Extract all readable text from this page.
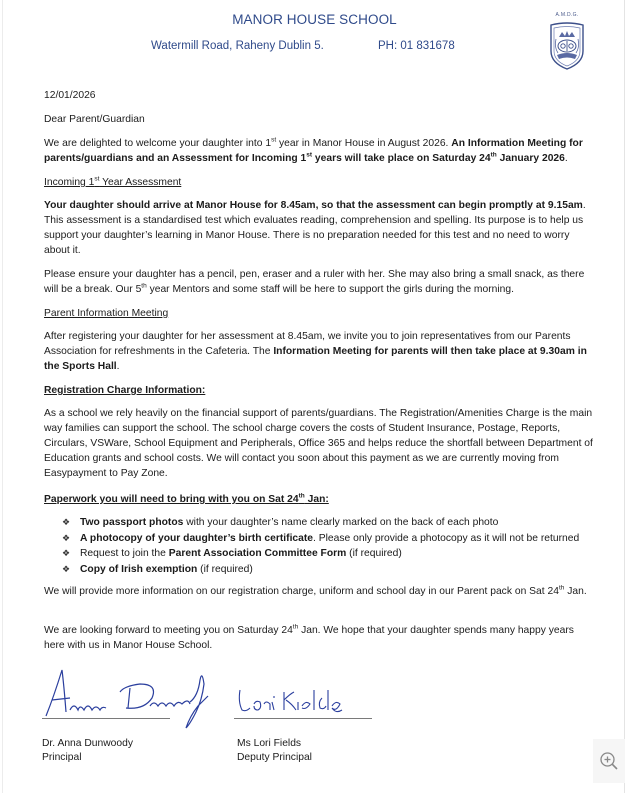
MANOR HOUSE SCHOOL
Watermill Road, Raheny Dublin 5.	PH: 01 831678
A.M.D.G.
12/01/2026
Dear Parent/Guardian
We are delighted to welcome your daughter into 1st year in Manor House in August 2026. An Information Meeting for parents/guardians and an Assessment for Incoming 1st years will take place on Saturday 24th January 2026.
Incoming 1st Year Assessment
Your daughter should arrive at Manor House for 8.45am, so that the assessment can begin promptly at 9.15am. This assessment is a standardised test which evaluates reading, comprehension and spelling. Its purpose is to help us support your daughter’s learning in Manor House. There is no preparation needed for this test and no need to worry about it.
Please ensure your daughter has a pencil, pen, eraser and a ruler with her. She may also bring a small snack, as there will be a break. Our 5th year Mentors and some staff will be here to support the girls during the morning.
Parent Information Meeting
After registering your daughter for her assessment at 8.45am, we invite you to join representatives from our Parents Association for refreshments in the Cafeteria. The Information Meeting for parents will then take place at 9.30am in the Sports Hall.
Registration Charge Information:
As a school we rely heavily on the financial support of parents/guardians. The Registration/Amenities Charge is the main way families can support the school. The school charge covers the costs of Student Insurance, Postage, Reports, Circulars, VSWare, School Equipment and Peripherals, Office 365 and helps reduce the shortfall between Department of Education grants and school costs. We will contact you soon about this payment as we are currently moving from Easypayment to Pay Zone.
Paperwork you will need to bring with you on Sat 24th Jan:
❖ Two passport photos with your daughter’s name clearly marked on the back of each photo
❖ A photocopy of your daughter’s birth certificate. Please only provide a photocopy as it will not be returned
❖ Request to join the Parent Association Committee Form (if required)
❖ Copy of Irish exemption (if required)
We will provide more information on our registration charge, uniform and school day in our Parent pack on Sat 24th Jan.
We are looking forward to meeting you on Saturday 24th Jan. We hope that your daughter spends many happy years here with us in Manor House School.
Dr. Anna Dunwoody
Principal
Ms Lori Fields
Deputy Principal
